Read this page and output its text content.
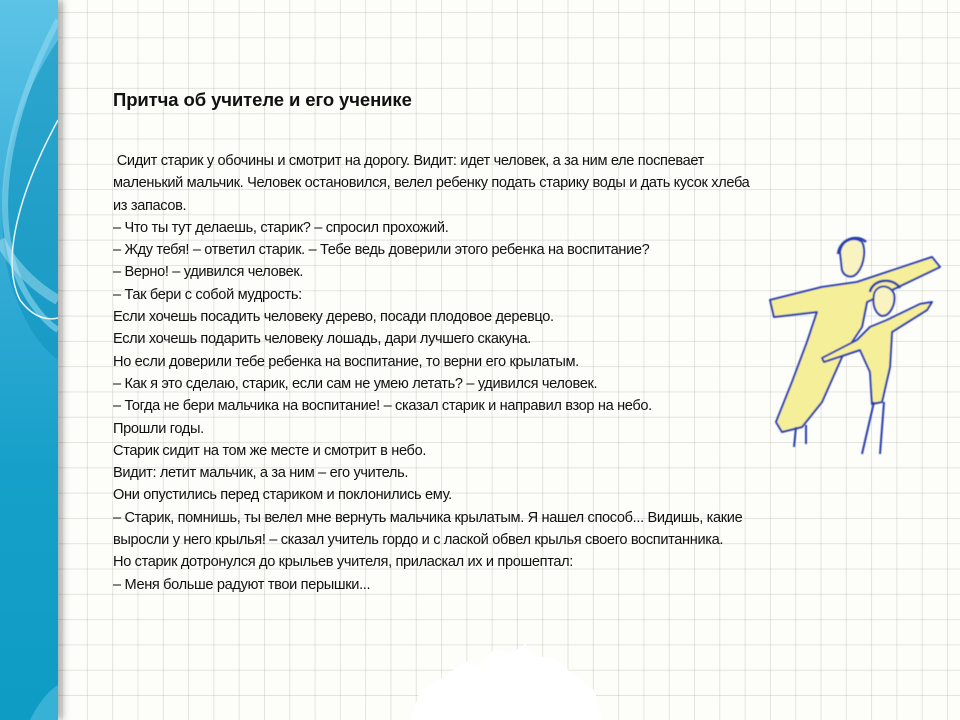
Притча об учителе и его ученике
Сидит старик у обочины и смотрит на дорогу. Видит: идет человек, а за ним еле поспевает
маленький мальчик. Человек остановился, велел ребенку подать старику воды и дать кусок хлеба
из запасов.
– Что ты тут делаешь, старик? – спросил прохожий.
– Жду тебя! – ответил старик. – Тебе ведь доверили этого ребенка на воспитание?
– Верно! – удивился человек.
– Так бери с собой мудрость:
Если хочешь посадить человеку дерево, посади плодовое деревцо.
Если хочешь подарить человеку лошадь, дари лучшего скакуна.
Но если доверили тебе ребенка на воспитание, то верни его крылатым.
– Как я это сделаю, старик, если сам не умею летать? – удивился человек.
– Тогда не бери мальчика на воспитание! – сказал старик и направил взор на небо.
Прошли годы.
Старик сидит на том же месте и смотрит в небо.
Видит: летит мальчик, а за ним – его учитель.
Они опустились перед стариком и поклонились ему.
– Старик, помнишь, ты велел мне вернуть мальчика крылатым. Я нашел способ... Видишь, какие
выросли у него крылья! – сказал учитель гордо и с лаской обвел крылья своего воспитанника.
Но старик дотронулся до крыльев учителя, приласкал их и прошептал:
– Меня больше радуют твои перышки...
